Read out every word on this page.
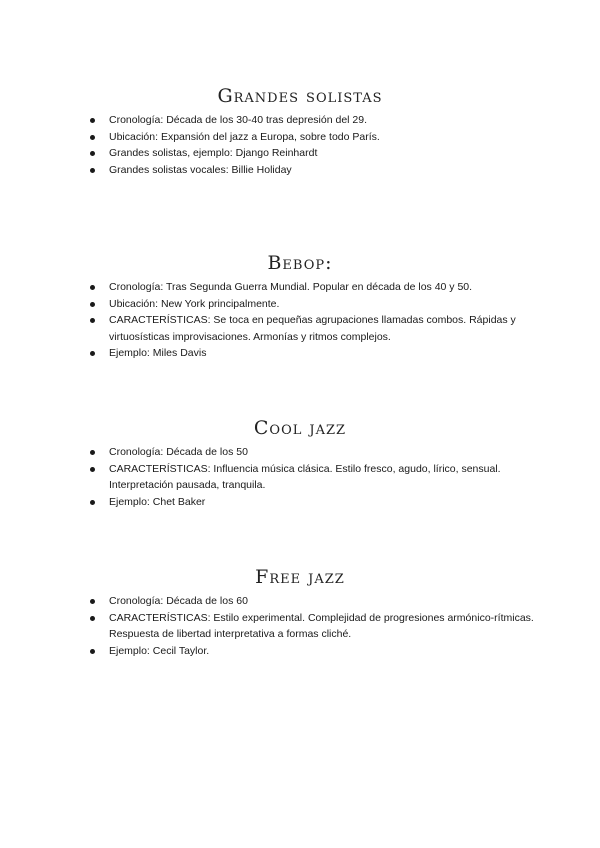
Grandes solistas
Cronología: Década de los 30-40 tras depresión del 29.
Ubicación: Expansión del jazz a Europa, sobre todo París.
Grandes solistas, ejemplo: Django Reinhardt
Grandes solistas vocales: Billie Holiday
Bebop:
Cronología: Tras Segunda Guerra Mundial. Popular en década de los 40 y 50.
Ubicación: New York principalmente.
CARACTERÍSTICAS: Se toca en pequeñas agrupaciones llamadas combos. Rápidas y virtuosísticas improvisaciones. Armonías y ritmos complejos.
Ejemplo: Miles Davis
Cool jazz
Cronología: Década de los 50
CARACTERÍSTICAS: Influencia música clásica. Estilo fresco, agudo, lírico, sensual. Interpretación pausada, tranquila.
Ejemplo: Chet Baker
Free jazz
Cronología: Década de los 60
CARACTERÍSTICAS: Estilo experimental. Complejidad de progresiones armónico-rítmicas. Respuesta de libertad interpretativa a formas cliché.
Ejemplo: Cecil Taylor.
